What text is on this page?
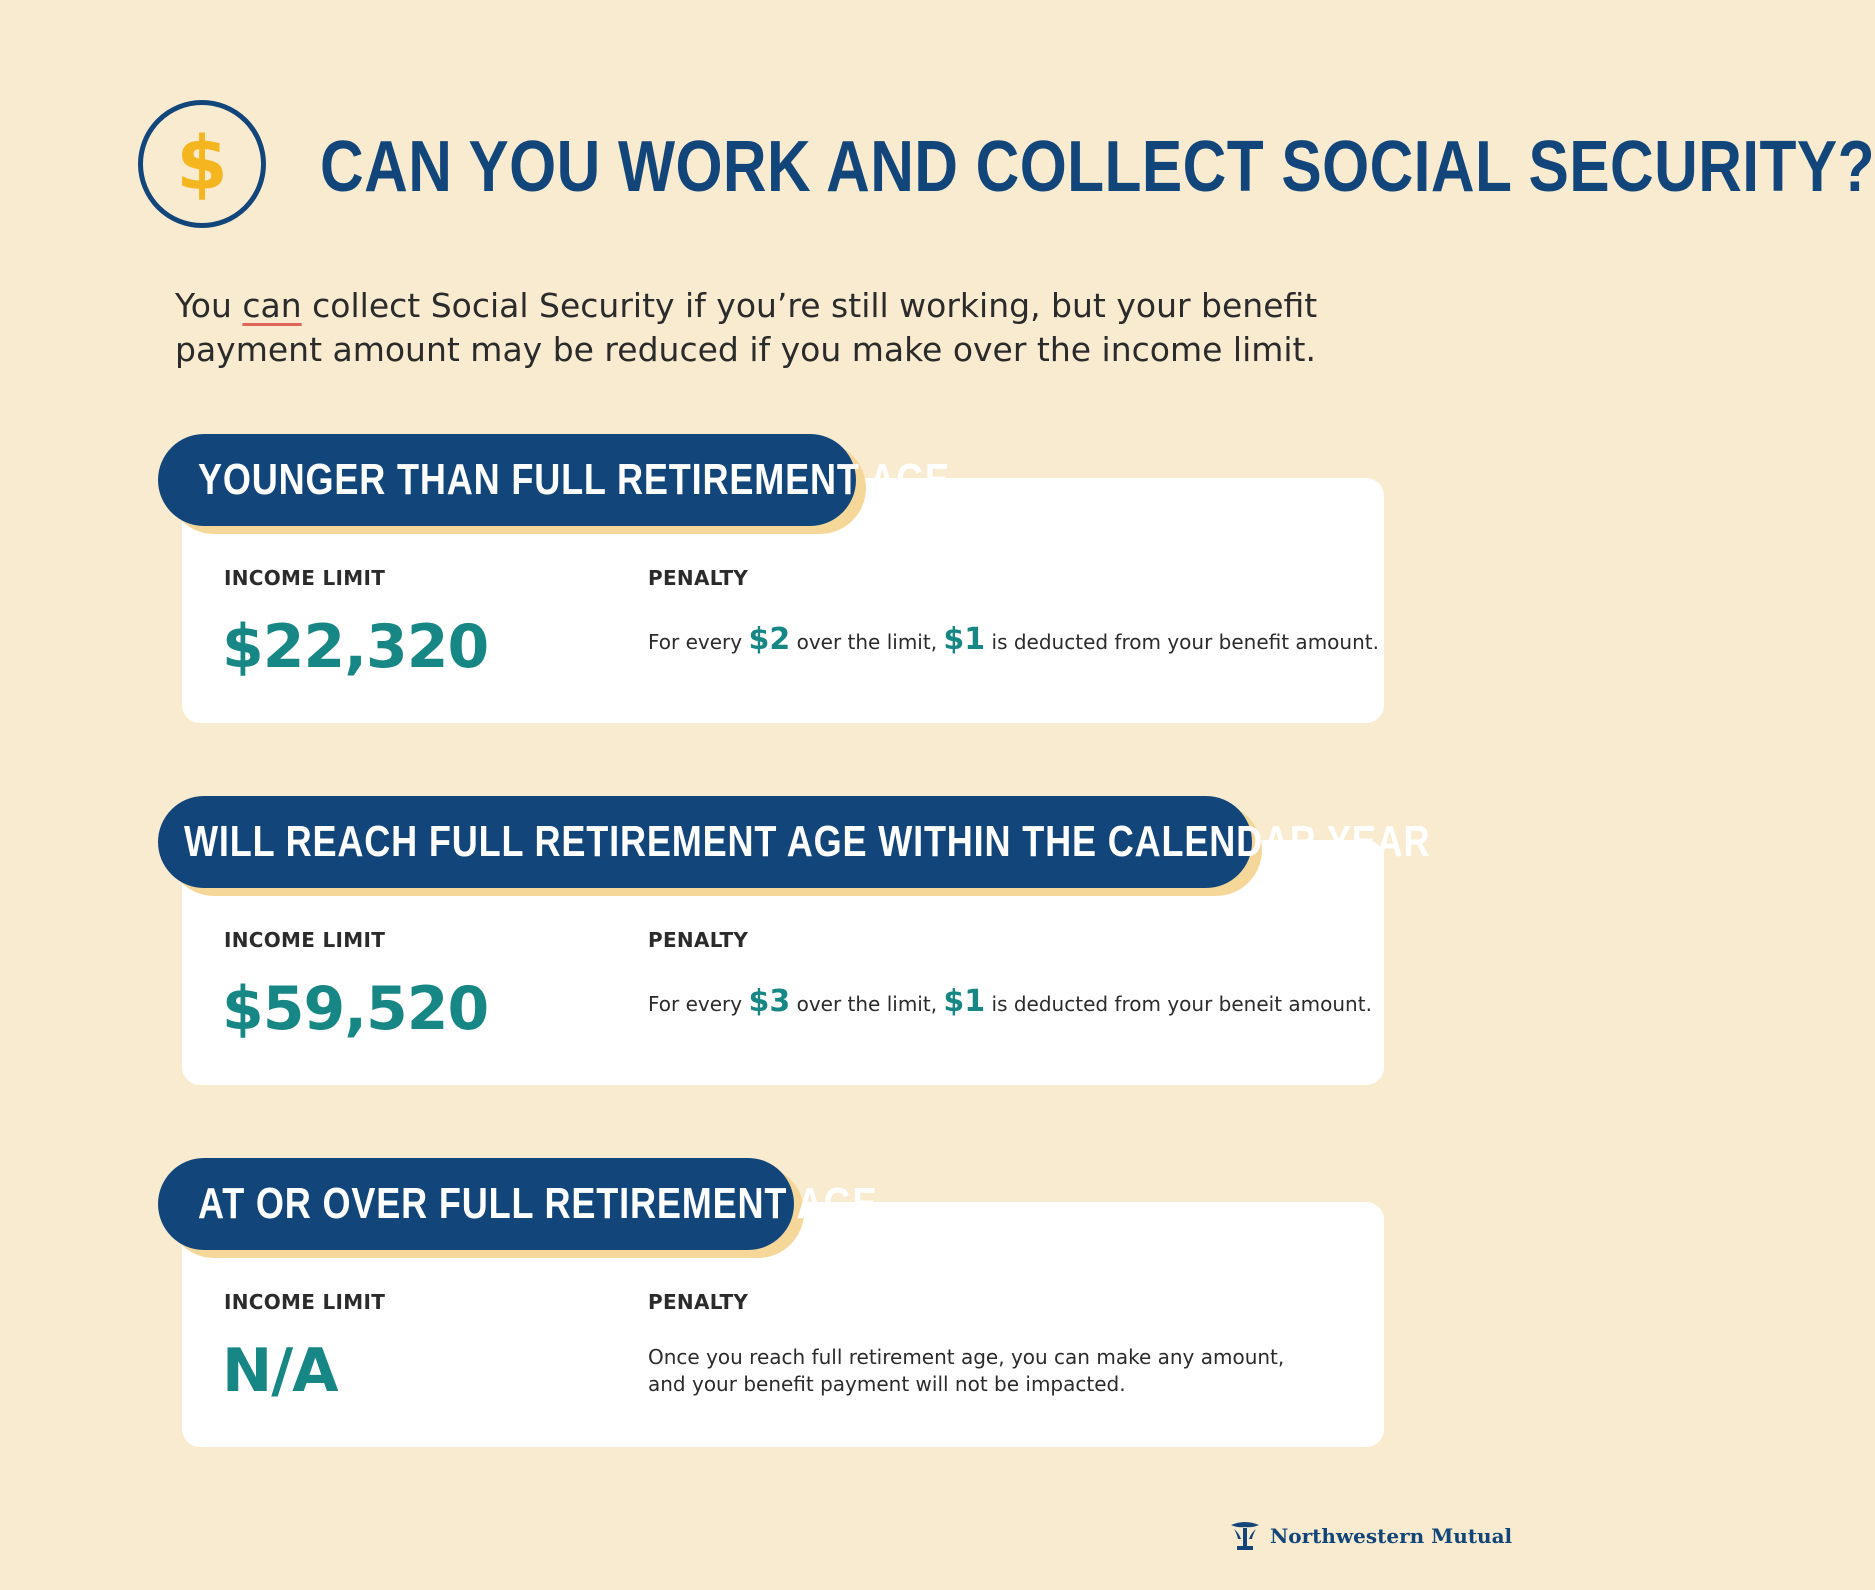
$ CAN YOU WORK AND COLLECT SOCIAL SECURITY?
You can collect Social Security if you’re still working, but your benefit payment amount may be reduced if you make over the income limit.
YOUNGER THAN FULL RETIREMENT AGE
INCOME LIMIT	PENALTY
$22,320	For every $2 over the limit, $1 is deducted from your benefit amount.
WILL REACH FULL RETIREMENT AGE WITHIN THE CALENDAR YEAR
INCOME LIMIT	PENALTY
$59,520	For every $3 over the limit, $1 is deducted from your beneit amount.
AT OR OVER FULL RETIREMENT AGE
INCOME LIMIT	PENALTY
N/A	Once you reach full retirement age, you can make any amount,
and your benefit payment will not be impacted.
Northwestern Mutual
